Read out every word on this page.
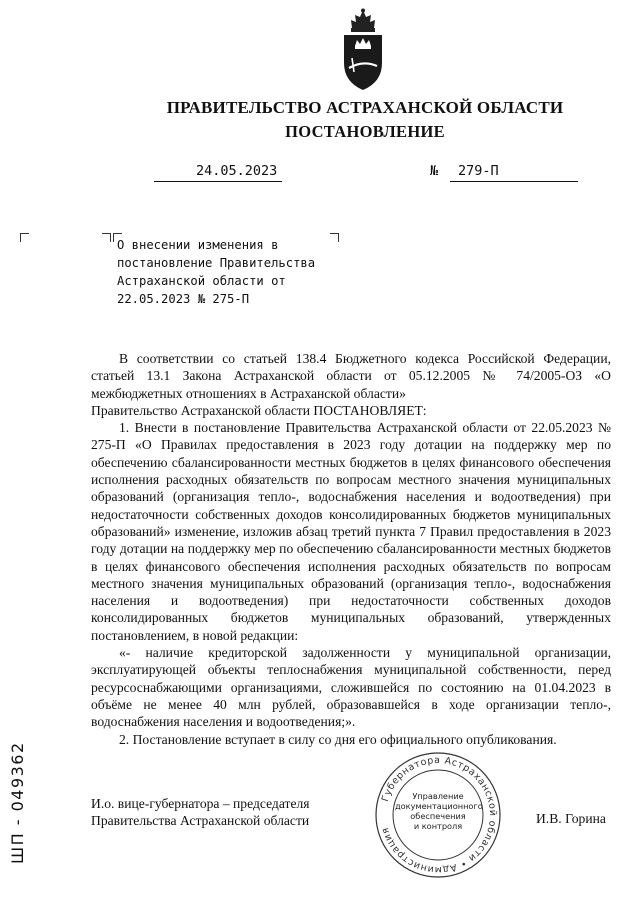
ПРАВИТЕЛЬСТВО АСТРАХАНСКОЙ ОБЛАСТИ
ПОСТАНОВЛЕНИЕ
24.05.2023	№ 279-П
О внесении изменения в постановление Правительства Астраханской области от 22.05.2023 № 275-П

В соответствии со статьей 138.4 Бюджетного кодекса Российской Федерации, статьей 13.1 Закона Астраханской области от 05.12.2005 № 74/2005-ОЗ «О межбюджетных отношениях в Астраханской области»

Правительство Астраханской области ПОСТАНОВЛЯЕТ:

1. Внести в постановление Правительства Астраханской области от 22.05.2023 № 275-П «О Правилах предоставления в 2023 году дотации на поддержку мер по обеспечению сбалансированности местных бюджетов в целях финансового обеспечения исполнения расходных обязательств по вопросам местного значения муниципальных образований (организация тепло-, водоснабжения населения и водоотведения) при недостаточности собственных доходов консолидированных бюджетов муниципальных образований» изменение, изложив абзац третий пункта 7 Правил предоставления в 2023 году дотации на поддержку мер по обеспечению сбалансированности местных бюджетов в целях финансового обеспечения исполнения расходных обязательств по вопросам местного значения муниципальных образований (организация тепло-, водоснабжения населения и водоотведения) при недостаточности собственных доходов консолидированных бюджетов муниципальных образований, утвержденных постановлением, в новой редакции:

«- наличие кредиторской задолженности у муниципальной организации, эксплуатирующей объекты теплоснабжения муниципальной собственности, перед ресурсоснабжающими организациями, сложившейся по состоянию на 01.04.2023 в объёме не менее 40 млн рублей, образовавшейся в ходе организации тепло-, водоснабжения населения и водоотведения;».

2. Постановление вступает в силу со дня его официального опубликования.

Губернатора Астраханской области • Администрация
Управление
документационного
обеспечения
и контроля
И.о. вице-губернатора – председателя
Правительства Астраханской области	И.В. Горина
ШП - 049362
